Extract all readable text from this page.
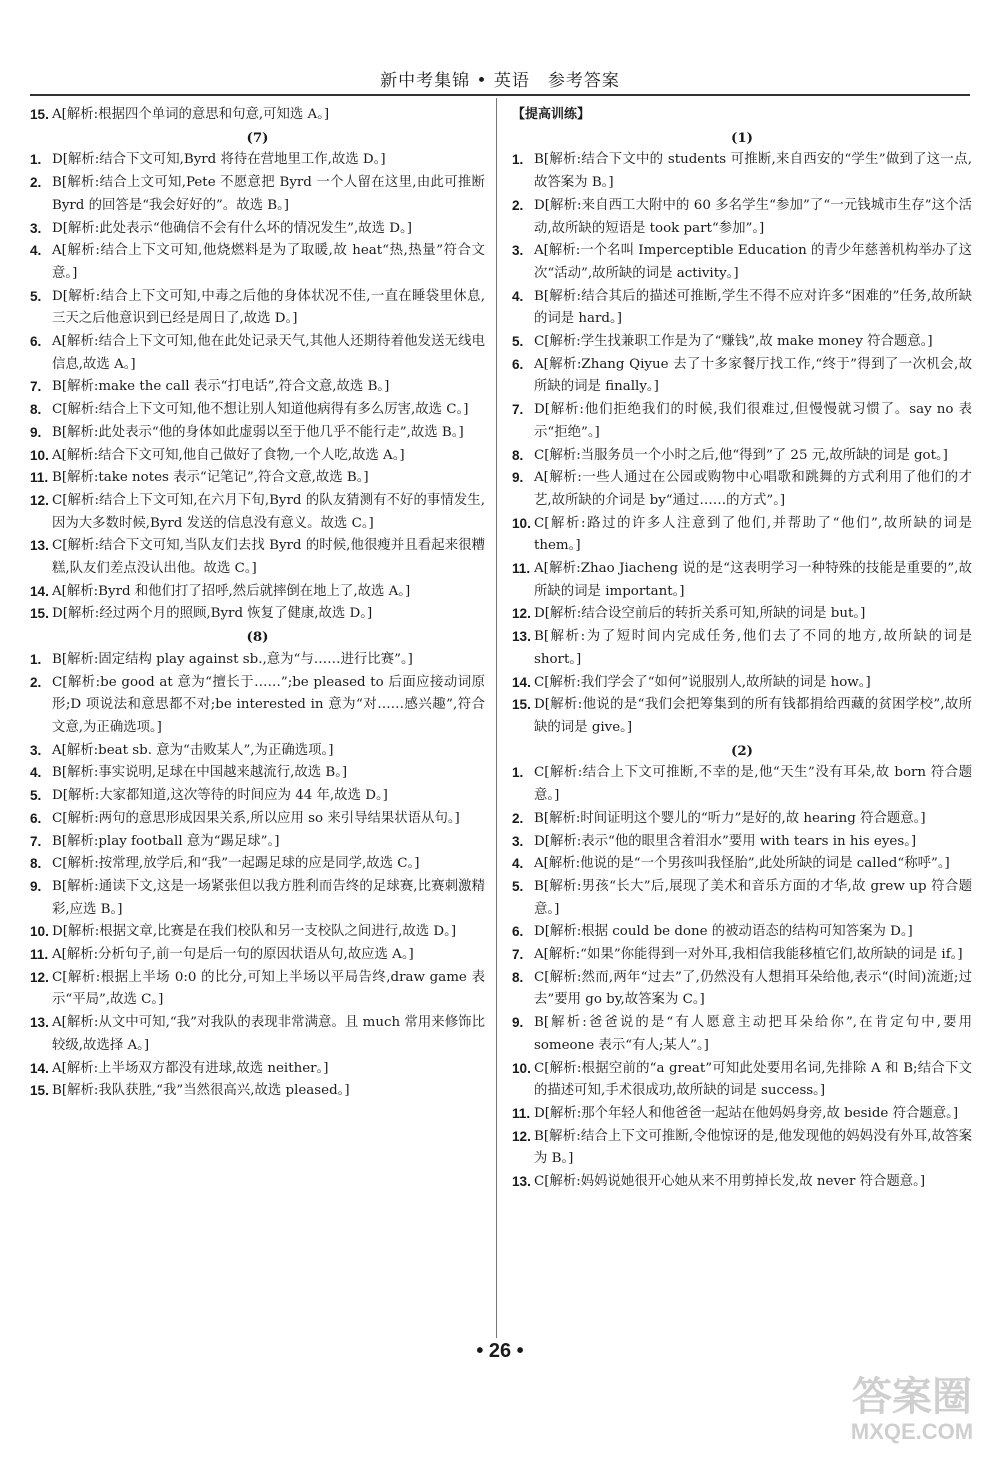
新中考集锦 • 英语　参考答案
15. A[解析:根据四个单词的意思和句意,可知选 A。]
(7)
1. D[解析:结合下文可知,Byrd 将待在营地里工作,故选 D。]
2. B[解析:结合上文可知,Pete 不愿意把 Byrd 一个人留在这里,由此可推断 Byrd 的回答是“我会好好的”。故选 B。]
3. D[解析:此处表示“他确信不会有什么坏的情况发生”,故选 D。]
4. A[解析:结合上下文可知,他烧燃料是为了取暖,故 heat“热,热量”符合文意。]
5. D[解析:结合上下文可知,中毒之后他的身体状况不佳,一直在睡袋里休息,三天之后他意识到已经是周日了,故选 D。]
6. A[解析:结合上下文可知,他在此处记录天气,其他人还期待着他发送无线电信息,故选 A。]
7. B[解析:make the call 表示“打电话”,符合文意,故选 B。]
8. C[解析:结合上下文可知,他不想让别人知道他病得有多么厉害,故选 C。]
9. B[解析:此处表示“他的身体如此虚弱以至于他几乎不能行走”,故选 B。]
10. A[解析:结合下文可知,他自己做好了食物,一个人吃,故选 A。]
11. B[解析:take notes 表示“记笔记”,符合文意,故选 B。]
12. C[解析:结合上下文可知,在六月下旬,Byrd 的队友猜测有不好的事情发生,因为大多数时候,Byrd 发送的信息没有意义。故选 C。]
13. C[解析:结合下文可知,当队友们去找 Byrd 的时候,他很瘦并且看起来很糟糕,队友们差点没认出他。故选 C。]
14. A[解析:Byrd 和他们打了招呼,然后就摔倒在地上了,故选 A。]
15. D[解析:经过两个月的照顾,Byrd 恢复了健康,故选 D。]
(8)
1. B[解析:固定结构 play against sb.,意为“与……进行比赛”。]
2. C[解析:be good at 意为“擅长于……”;be pleased to 后面应接动词原形;D 项说法和意思都不对;be interested in 意为“对……感兴趣”,符合文意,为正确选项。]
3. A[解析:beat sb. 意为“击败某人”,为正确选项。]
4. B[解析:事实说明,足球在中国越来越流行,故选 B。]
5. D[解析:大家都知道,这次等待的时间应为 44 年,故选 D。]
6. C[解析:两句的意思形成因果关系,所以应用 so 来引导结果状语从句。]
7. B[解析:play football 意为“踢足球”。]
8. C[解析:按常理,放学后,和“我”一起踢足球的应是同学,故选 C。]
9. B[解析:通读下文,这是一场紧张但以我方胜利而告终的足球赛,比赛刺激精彩,应选 B。]
10. D[解析:根据文章,比赛是在我们校队和另一支校队之间进行,故选 D。]
11. A[解析:分析句子,前一句是后一句的原因状语从句,故应选 A。]
12. C[解析:根据上半场 0:0 的比分,可知上半场以平局告终,draw game 表示“平局”,故选 C。]
13. A[解析:从文中可知,“我”对我队的表现非常满意。且 much 常用来修饰比较级,故选择 A。]
14. A[解析:上半场双方都没有进球,故选 neither。]
15. B[解析:我队获胜,“我”当然很高兴,故选 pleased。]
【提高训练】
(1)
1. B[解析:结合下文中的 students 可推断,来自西安的“学生”做到了这一点,故答案为 B。]
2. D[解析:来自西工大附中的 60 多名学生“参加”了“一元钱城市生存”这个活动,故所缺的短语是 took part“参加”。]
3. A[解析:一个名叫 Imperceptible Education 的青少年慈善机构举办了这次“活动”,故所缺的词是 activity。]
4. B[解析:结合其后的描述可推断,学生不得不应对许多“困难的”任务,故所缺的词是 hard。]
5. C[解析:学生找兼职工作是为了“赚钱”,故 make money 符合题意。]
6. A[解析:Zhang Qiyue 去了十多家餐厅找工作,“终于”得到了一次机会,故所缺的词是 finally。]
7. D[解析:他们拒绝我们的时候,我们很难过,但慢慢就习惯了。say no 表示“拒绝”。]
8. C[解析:当服务员一个小时之后,他“得到”了 25 元,故所缺的词是 got。]
9. A[解析:一些人通过在公园或购物中心唱歌和跳舞的方式利用了他们的才艺,故所缺的介词是 by“通过……的方式”。]
10. C[解析:路过的许多人注意到了他们,并帮助了“他们”,故所缺的词是 them。]
11. A[解析:Zhao Jiacheng 说的是“这表明学习一种特殊的技能是重要的”,故所缺的词是 important。]
12. D[解析:结合设空前后的转折关系可知,所缺的词是 but。]
13. B[解析:为了短时间内完成任务,他们去了不同的地方,故所缺的词是 short。]
14. C[解析:我们学会了“如何”说服别人,故所缺的词是 how。]
15. D[解析:他说的是“我们会把筹集到的所有钱都捐给西藏的贫困学校”,故所缺的词是 give。]
(2)
1. C[解析:结合上下文可推断,不幸的是,他“天生”没有耳朵,故 born 符合题意。]
2. B[解析:时间证明这个婴儿的“听力”是好的,故 hearing 符合题意。]
3. D[解析:表示“他的眼里含着泪水”要用 with tears in his eyes。]
4. A[解析:他说的是“一个男孩叫我怪胎”,此处所缺的词是 called“称呼”。]
5. B[解析:男孩“长大”后,展现了美术和音乐方面的才华,故 grew up 符合题意。]
6. D[解析:根据 could be done 的被动语态的结构可知答案为 D。]
7. A[解析:“如果”你能得到一对外耳,我相信我能移植它们,故所缺的词是 if。]
8. C[解析:然而,两年“过去”了,仍然没有人想捐耳朵给他,表示“(时间)流逝;过去”要用 go by,故答案为 C。]
9. B[解析:爸爸说的是“有人愿意主动把耳朵给你”,在肯定句中,要用 someone 表示“有人;某人”。]
10. C[解析:根据空前的“a great”可知此处要用名词,先排除 A 和 B;结合下文的描述可知,手术很成功,故所缺的词是 success。]
11. D[解析:那个年轻人和他爸爸一起站在他妈妈身旁,故 beside 符合题意。]
12. B[解析:结合上下文可推断,令他惊讶的是,他发现他的妈妈没有外耳,故答案为 B。]
13. C[解析:妈妈说她很开心她从来不用剪掉长发,故 never 符合题意。]
• 26 •
答案圈
MXQE.COM
